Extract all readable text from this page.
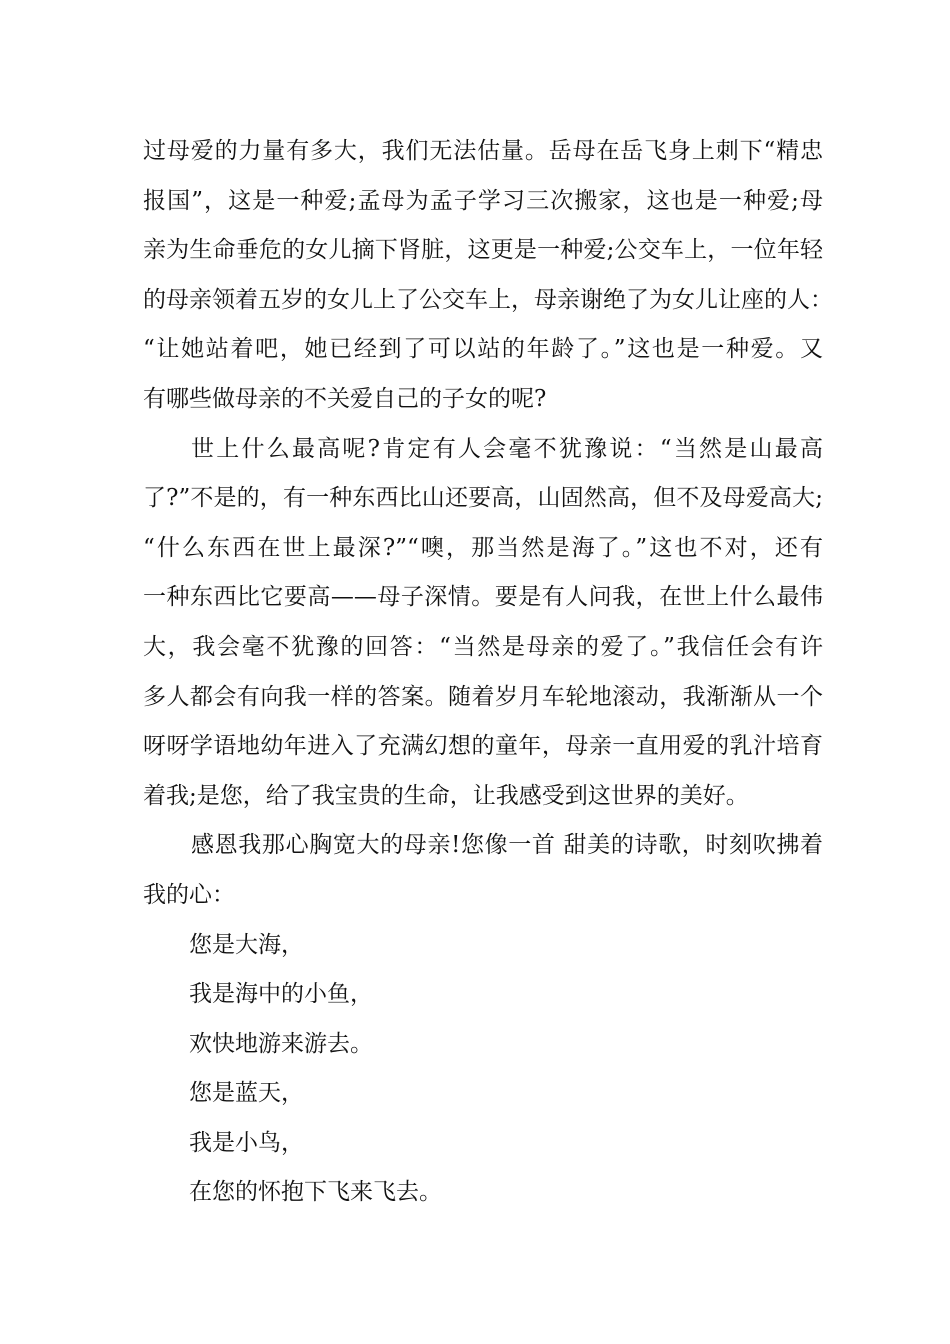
过母爱的力量有多大，我们无法估量。岳母在岳飞身上刺下“精忠
报国”，这是一种爱;孟母为孟子学习三次搬家，这也是一种爱;母
亲为生命垂危的女儿摘下肾脏，这更是一种爱;公交车上，一位年轻
的母亲领着五岁的女儿上了公交车上，母亲谢绝了为女儿让座的人：
“让她站着吧，她已经到了可以站的年龄了。”这也是一种爱。又
有哪些做母亲的不关爱自己的子女的呢?
世上什么最高呢?肯定有人会毫不犹豫说：“当然是山最高
了?”不是的，有一种东西比山还要高，山固然高，但不及母爱高大;
“什么东西在世上最深?”“噢，那当然是海了。”这也不对，还有
一种东西比它要高——母子深情。要是有人问我，在世上什么最伟
大，我会毫不犹豫的回答：“当然是母亲的爱了。”我信任会有许
多人都会有向我一样的答案。随着岁月车轮地滚动，我渐渐从一个
呀呀学语地幼年进入了充满幻想的童年，母亲一直用爱的乳汁培育
着我;是您，给了我宝贵的生命，让我感受到这世界的美好。
感恩我那心胸宽大的母亲!您像一首 甜美的诗歌，时刻吹拂着
我的心：
您是大海，
我是海中的小鱼，
欢快地游来游去。
您是蓝天，
我是小鸟，
在您的怀抱下飞来飞去。
